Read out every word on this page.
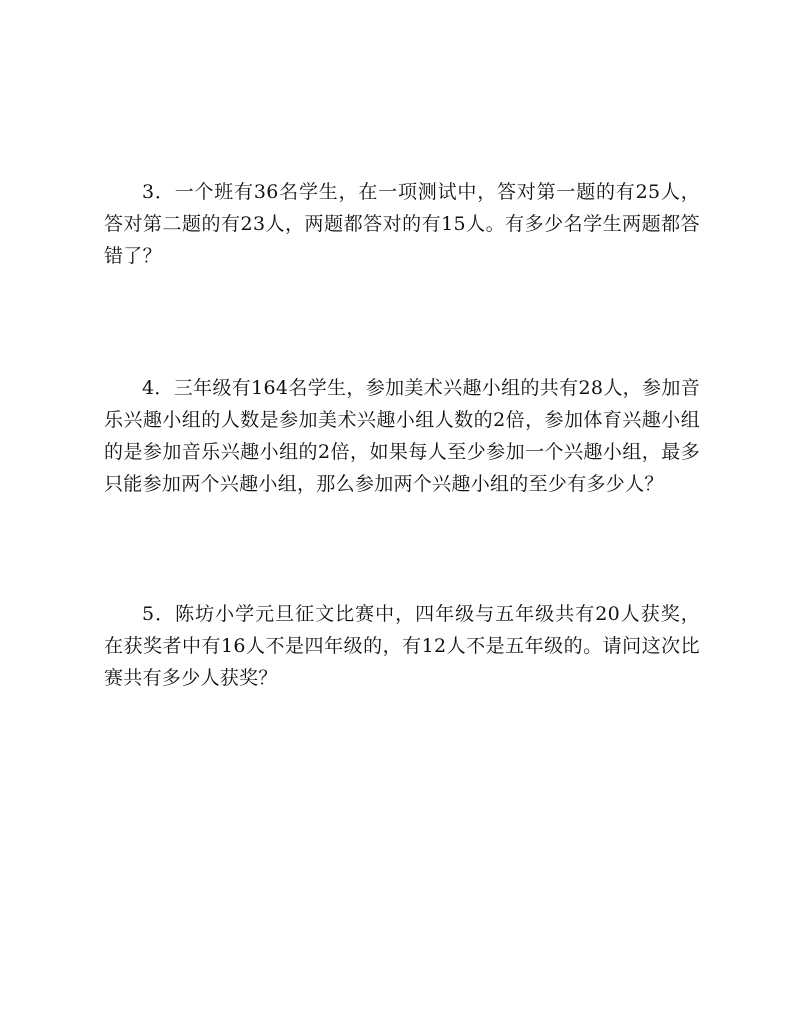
3．一个班有36名学生，在一项测试中，答对第一题的有25人，答对第二题的有23人，两题都答对的有15人。有多少名学生两题都答错了？

4．三年级有164名学生，参加美术兴趣小组的共有28人，参加音乐兴趣小组的人数是参加美术兴趣小组人数的2倍，参加体育兴趣小组的是参加音乐兴趣小组的2倍，如果每人至少参加一个兴趣小组，最多只能参加两个兴趣小组，那么参加两个兴趣小组的至少有多少人？

5．陈坊小学元旦征文比赛中，四年级与五年级共有20人获奖，在获奖者中有16人不是四年级的，有12人不是五年级的。请问这次比赛共有多少人获奖？
